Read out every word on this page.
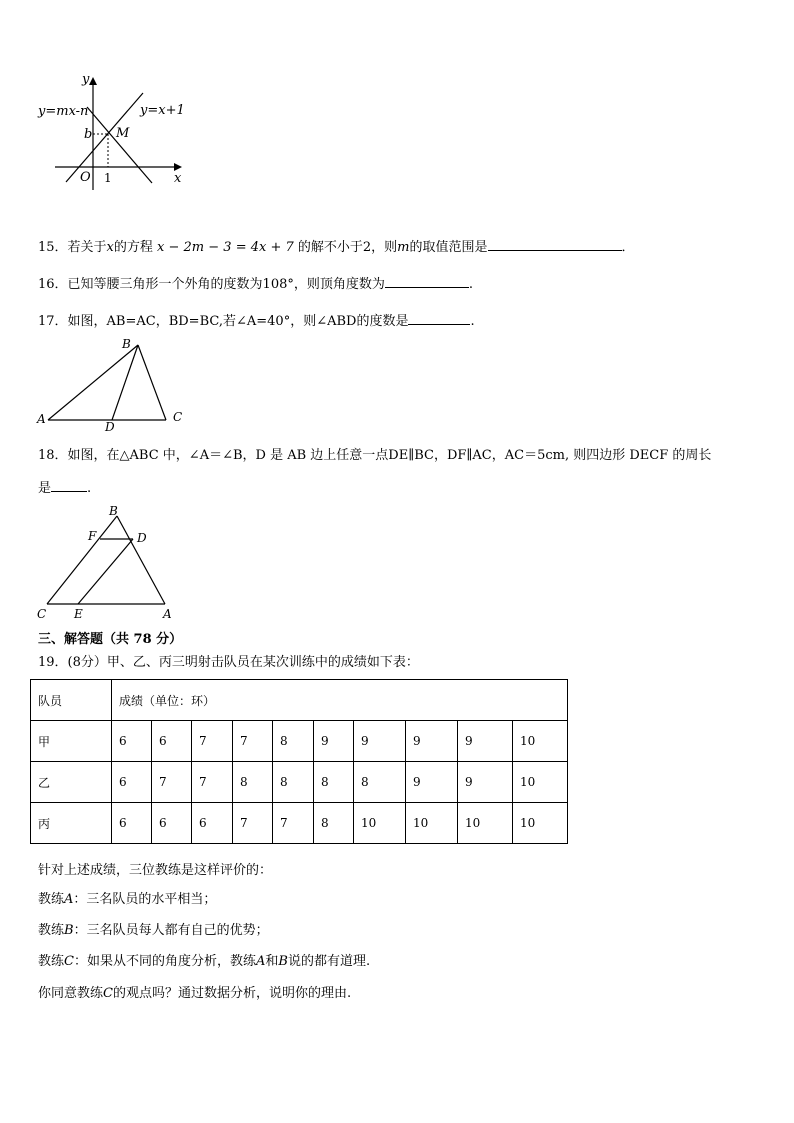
y
y=mx-n	y=x+1
M
b
O 1	x
15．若关于x的方程 x − 2m − 3 = 4x + 7 的解不小于2，则m的取值范围是	．
16．已知等腰三角形一个外角的度数为108°，则顶角度数为	.
17．如图，AB=AC，BD=BC,若∠A=40°，则∠ABD的度数是	.
B
A
D
C
18．如图，在△ABC 中，∠A＝∠B，D 是 AB 边上任意一点DE∥BC，DF∥AC，AC＝5cm, 则四边形 DECF 的周长
是	.
B
F	D
C E	A
三、解答题（共 78 分）
19．(8分）甲、乙、丙三明射击队员在某次训练中的成绩如下表：
队员	成绩（单位：环）									
甲	6	6	7	7	8	9	9	9	9	10
乙	6	7	7	8	8	8	8	9	9	10
丙	6	6	6	7	7	8	10	10	10	10
针对上述成绩，三位教练是这样评价的：
教练A：三名队员的水平相当；
教练B：三名队员每人都有自己的优势；
教练C：如果从不同的角度分析，教练A和B说的都有道理.
你同意教练C的观点吗？通过数据分析，说明你的理由.
